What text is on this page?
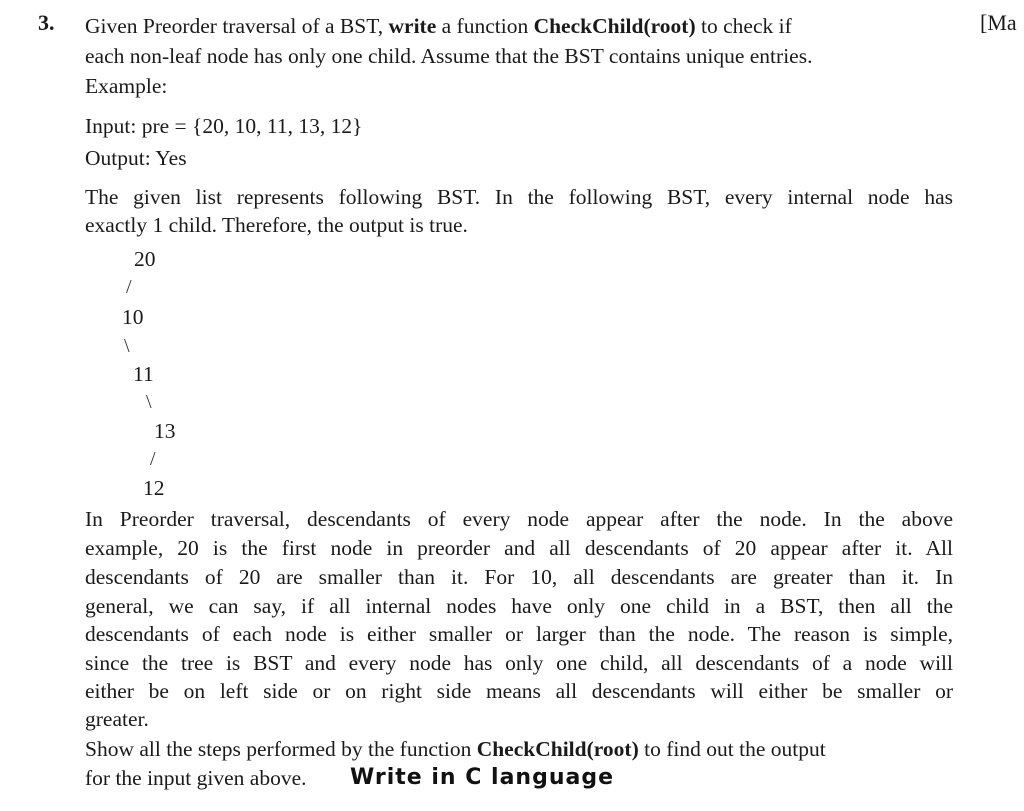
3.	[Ma
Given Preorder traversal of a BST, write a function CheckChild(root) to check if
each non-leaf node has only one child. Assume that the BST contains unique entries.
Example:
Input: pre = {20, 10, 11, 13, 12}
Output: Yes
The given list represents following BST. In the following BST, every internal node has
exactly 1 child. Therefore, the output is true.
20
/
10
\
11
\
13
/
12
In Preorder traversal, descendants of every node appear after the node. In the above
example, 20 is the first node in preorder and all descendants of 20 appear after it. All
descendants of 20 are smaller than it. For 10, all descendants are greater than it. In
general, we can say, if all internal nodes have only one child in a BST, then all the
descendants of each node is either smaller or larger than the node. The reason is simple,
since the tree is BST and every node has only one child, all descendants of a node will
either be on left side or on right side means all descendants will either be smaller or
greater.
Show all the steps performed by the function CheckChild(root) to find out the output
for the input given above. Write in C language
